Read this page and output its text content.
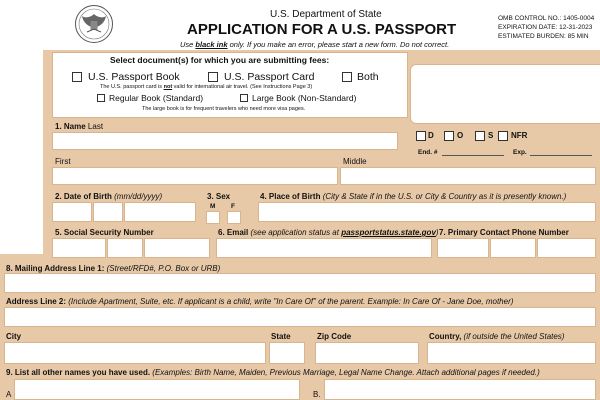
U.S. Department of State
APPLICATION FOR A U.S. PASSPORT
Use black ink only. If you make an error, please start a new form. Do not correct.
OMB CONTROL NO.: 1405-0004
EXPIRATION DATE: 12-31-2023
ESTIMATED BURDEN: 85 MIN
Select document(s) for which you are submitting fees:
U.S. Passport Book	U.S. Passport Card	Both
The U.S. passport card is not valid for international air travel. (See Instructions Page 3)
Regular Book (Standard)	Large Book (Non-Standard)
The large book is for frequent travelers who need more visa pages.
1. Name Last
D	O	S NFR
End. #	Exp.
First	Middle
2. Date of Birth (mm/dd/yyyy)	3. Sex
M F
4. Place of Birth (City & State if in the U.S. or City & Country as it is presently known.)
5. Social Security Number	6. Email (see application status at passportstatus.state.gov) 7. Primary Contact Phone Number
8. Mailing Address Line 1: (Street/RFD#, P.O. Box or URB)
Address Line 2: (Include Apartment, Suite, etc. If applicant is a child, write "In Care Of" of the parent. Example: In Care Of - Jane Doe, mother)
City	State	Zip Code	Country, (if outside the United States)
9. List all other names you have used. (Examples: Birth Name, Maiden, Previous Marriage, Legal Name Change. Attach additional pages if needed.)
A	B.
